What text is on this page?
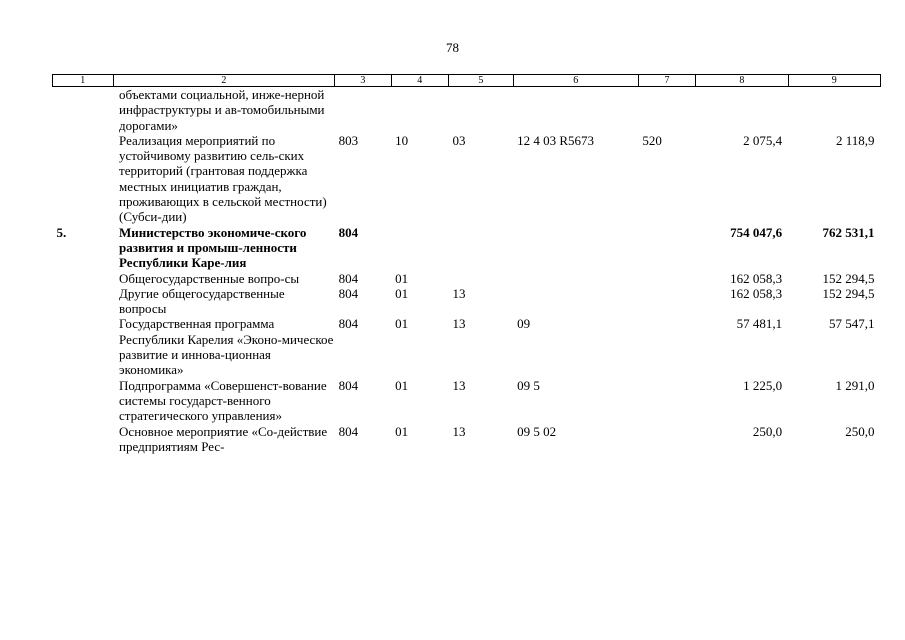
78
1	2	3	4	5	6	7	8	9
	объектами социальной, инже-нерной инфраструктуры и ав-томобильными дорогами»							
	Реализация мероприятий по устойчивому развитию сель-ских территорий (грантовая поддержка местных инициатив граждан, проживающих в сельской местности) (Субси-дии)	803	10	03	12 4 03 R5673	520	2 075,4	2 118,9
5.	Министерство экономиче-ского развития и промыш-ленности Республики Каре-лия	804					754 047,6	762 531,1
	Общегосударственные вопро-сы	804	01				162 058,3	152 294,5
	Другие общегосударственные вопросы	804	01	13			162 058,3	152 294,5
	Государственная программа Республики Карелия «Эконо-мическое развитие и иннова-ционная экономика»	804	01	13	09		57 481,1	57 547,1
	Подпрограмма «Совершенст-вование системы государст-венного стратегического управления»	804	01	13	09 5		1 225,0	1 291,0
	Основное мероприятие «Со-действие предприятиям Рес-	804	01	13	09 5 02		250,0	250,0
